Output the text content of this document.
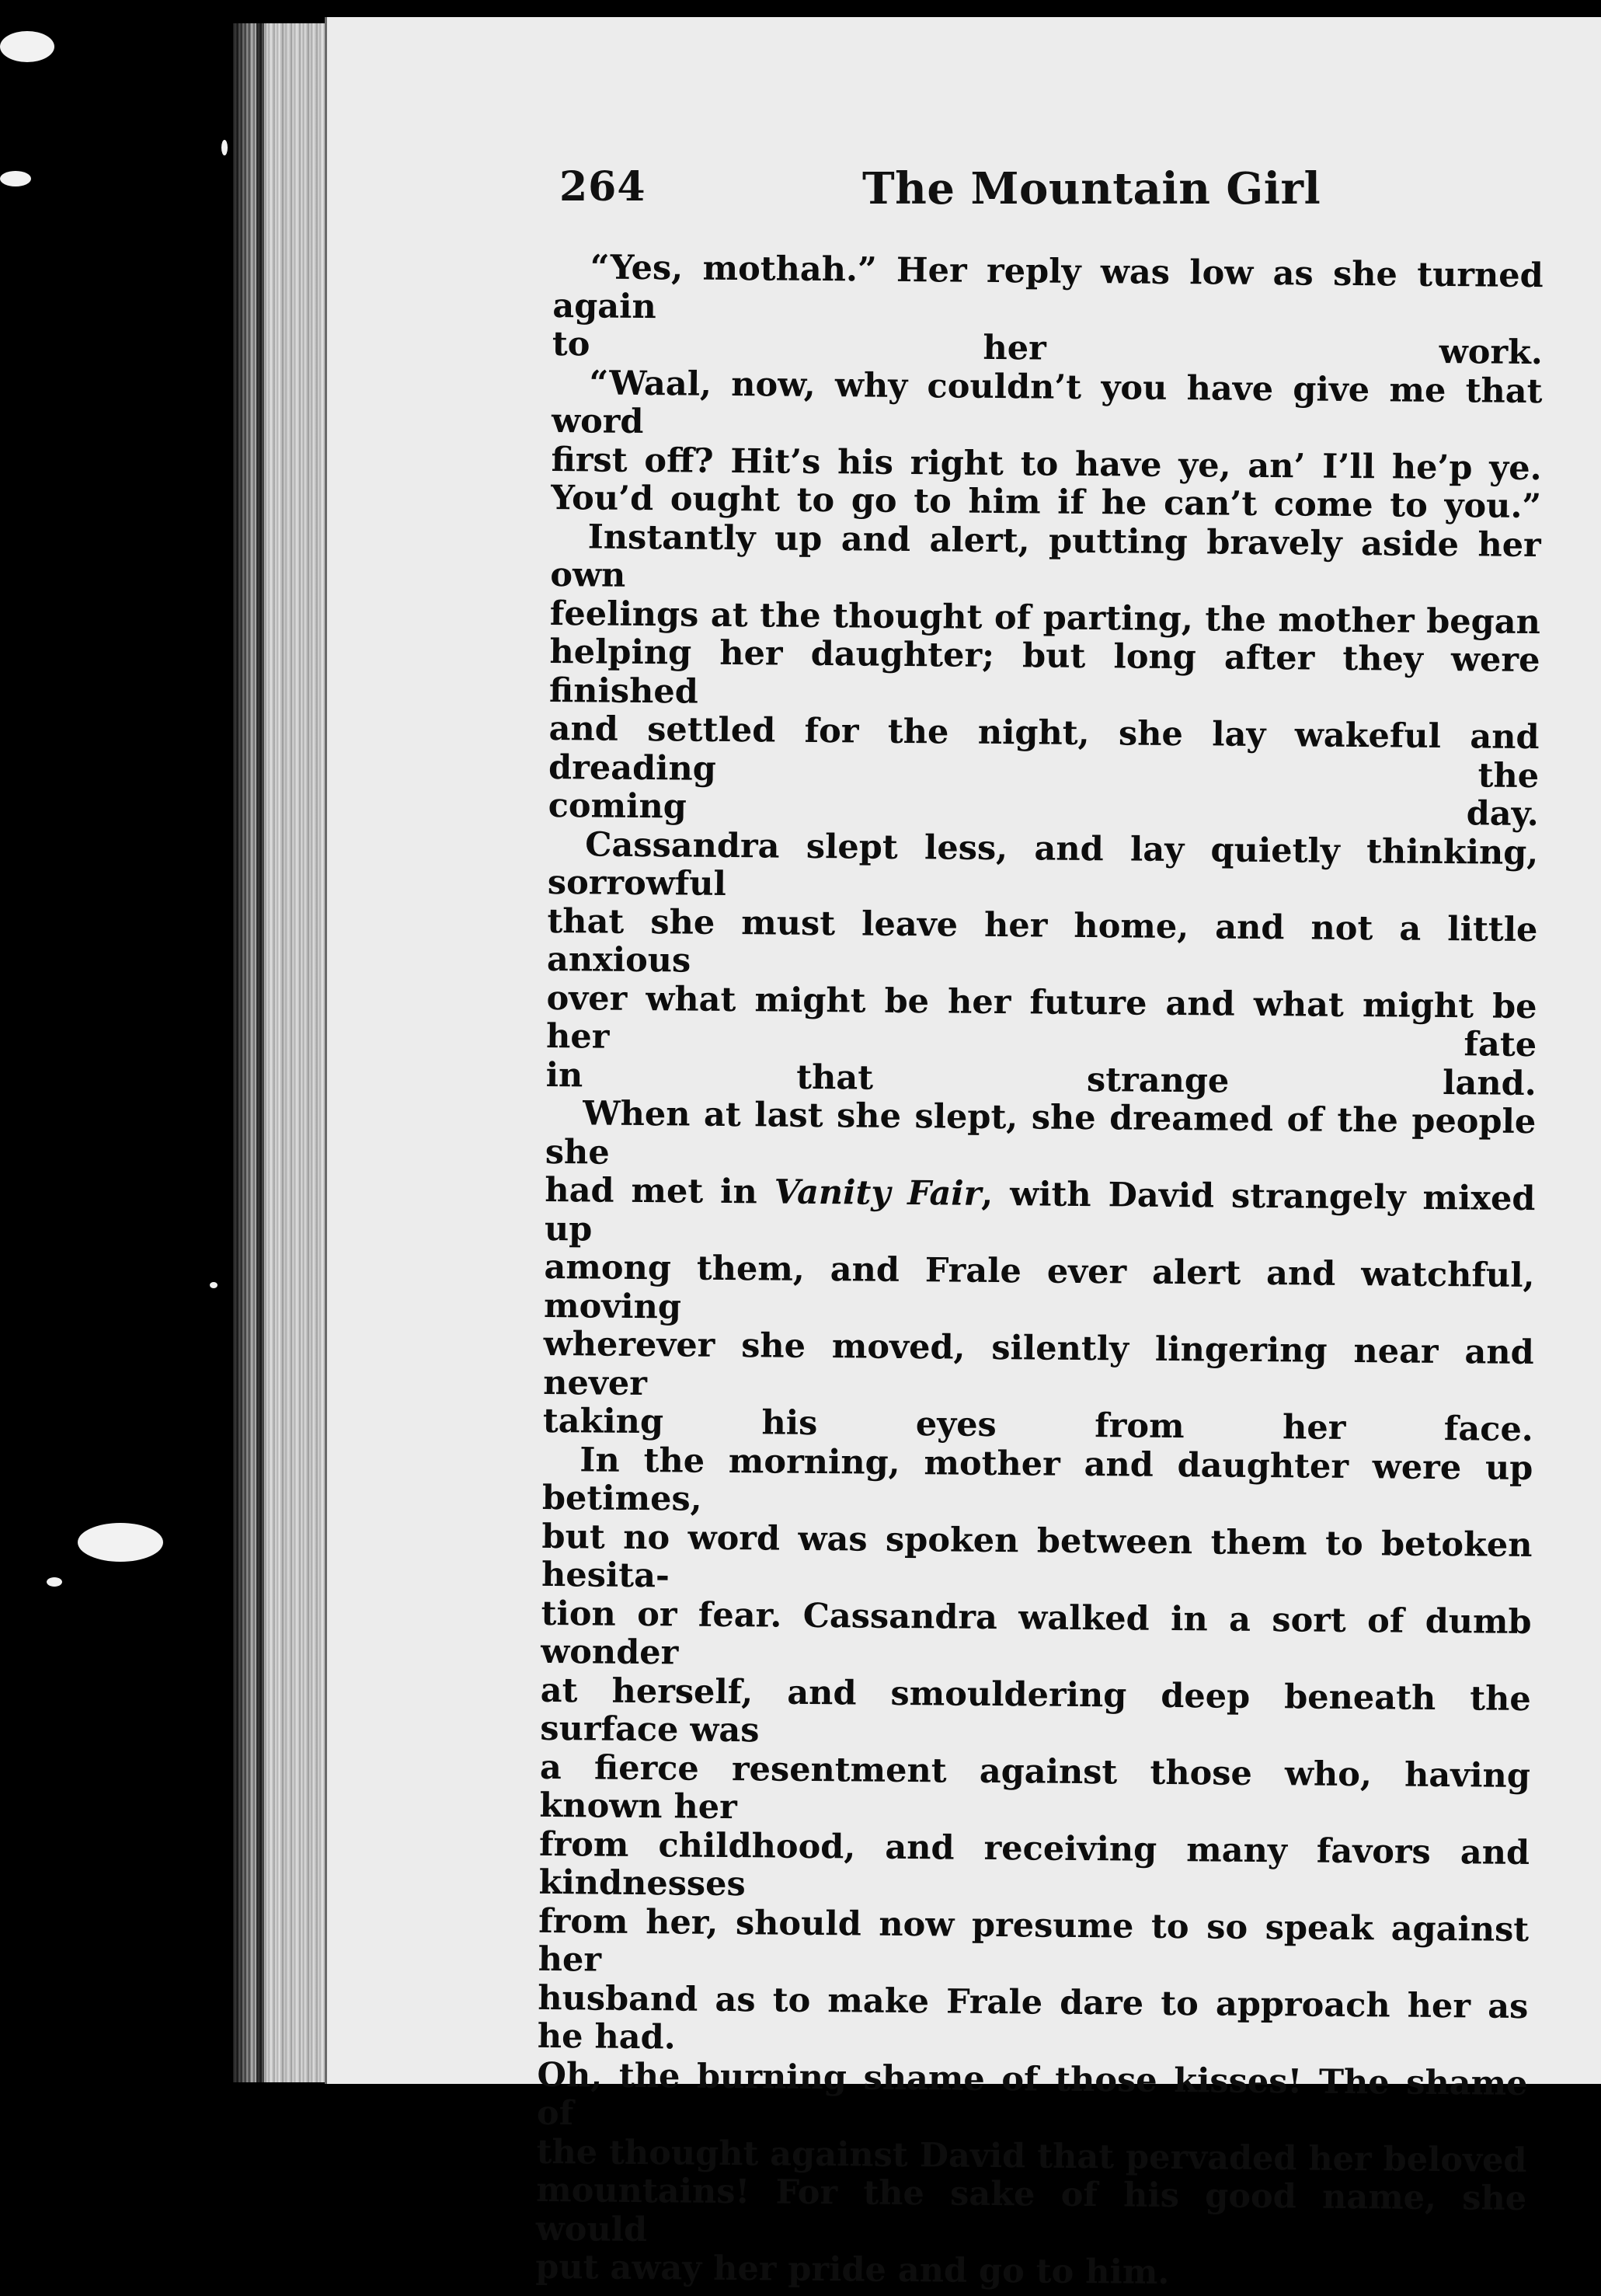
264	The Mountain Girl

“Yes, mothah.” Her reply was low as she turned again
to her work.

“Waal, now, why couldn’t you have give me that word
first off? Hit’s his right to have ye, an’ I’ll he’p ye.
You’d ought to go to him if he can’t come to you.”

Instantly up and alert, putting bravely aside her own
feelings at the thought of parting, the mother began
helping her daughter; but long after they were finished
and settled for the night, she lay wakeful and dreading the
coming day.

Cassandra slept less, and lay quietly thinking, sorrowful
that she must leave her home, and not a little anxious
over what might be her future and what might be her fate
in that strange land.

When at last she slept, she dreamed of the people she
had met in Vanity Fair, with David strangely mixed up
among them, and Frale ever alert and watchful, moving
wherever she moved, silently lingering near and never
taking his eyes from her face.

In the morning, mother and daughter were up betimes,
but no word was spoken between them to betoken hesita-
tion or fear. Cassandra walked in a sort of dumb wonder
at herself, and smouldering deep beneath the surface was
a fierce resentment against those who, having known her
from childhood, and receiving many favors and kindnesses
from her, should now presume to so speak against her
husband as to make Frale dare to approach her as he had.
Oh, the burning shame of those kisses! The shame of
the thought against David that pervaded her beloved
mountains! For the sake of his good name, she would
put away her pride and go to him.
